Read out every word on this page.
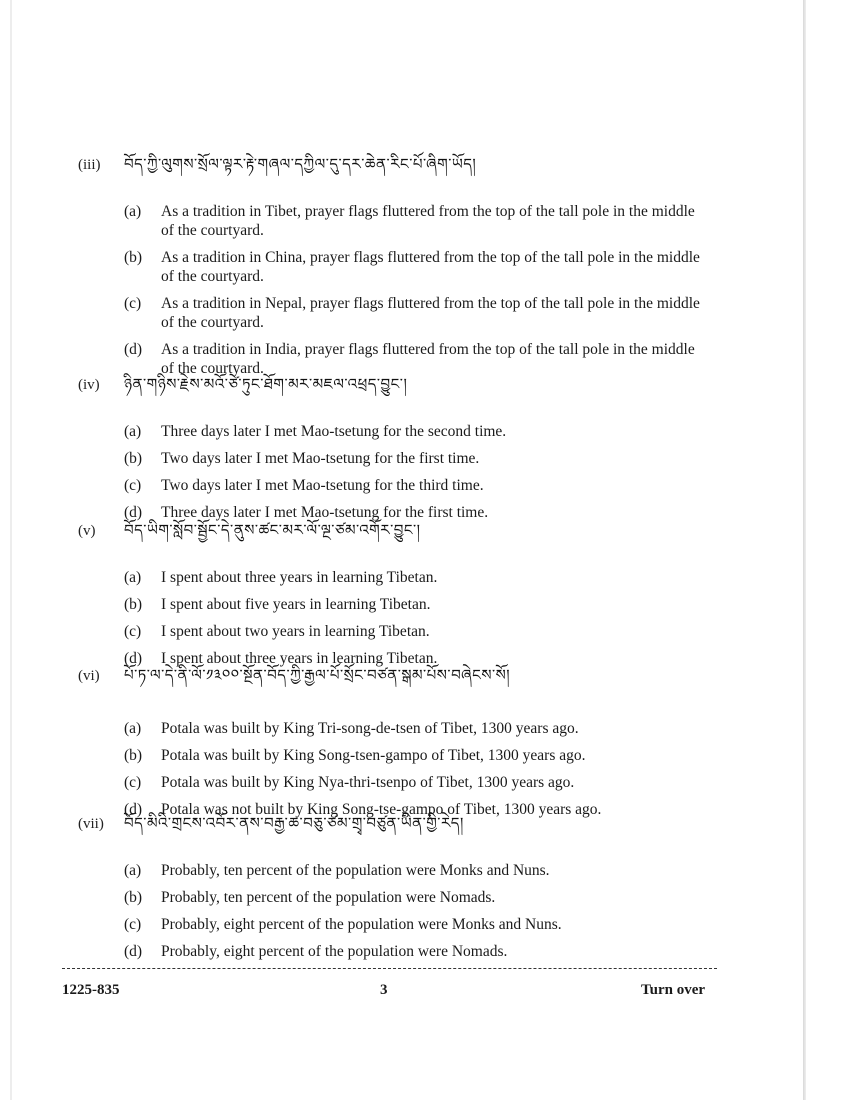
(iii)	བོད་ཀྱི་ལུགས་སྲོལ་ལྟར་རྟེ་གཞལ་དཀྱིལ་དུ་དར་ཆེན་རིང་པོ་ཞིག་ཡོད།
(a)	As a tradition in Tibet, prayer flags fluttered from the top of the tall pole in the middle of the courtyard.
(b)	As a tradition in China, prayer flags fluttered from the top of the tall pole in the middle of the courtyard.
(c)	As a tradition in Nepal, prayer flags fluttered from the top of the tall pole in the middle of the courtyard.
(d)	As a tradition in India, prayer flags fluttered from the top of the tall pole in the middle of the courtyard.
(iv)	ཉིན་གཉིས་རྗེས་མའོ་ཙེ་ཏུང་ཐོག་མར་མཇལ་འཕྲད་བྱུང་།
(a)	Three days later I met Mao-tsetung for the second time.
(b)	Two days later I met Mao-tsetung for the first time.
(c)	Two days later I met Mao-tsetung for the third time.
(d)	Three days later I met Mao-tsetung for the first time.
(v)	བོད་ཡིག་སློབ་སྦྱོང་དེ་ནུས་ཚང་མར་ལོ་ལྔ་ཙམ་འགོར་བྱུང་།
(a)	I spent about three years in learning Tibetan.
(b)	I spent about five years in learning Tibetan.
(c)	I spent about two years in learning Tibetan.
(d)	I spent about three years in learning Tibetan.
(vi)	པོ་ཏ་ལ་དེ་ནི་ལོ་༡༣༠༠་སྔོན་བོད་ཀྱི་རྒྱལ་པོ་སྲོང་བཙན་སྒམ་པོས་བཞེངས་སོ།
(a)	Potala was built by King Tri-song-de-tsen of Tibet, 1300 years ago.
(b)	Potala was built by King Song-tsen-gampo of Tibet, 1300 years ago.
(c)	Potala was built by King Nya-thri-tsenpo of Tibet, 1300 years ago.
(d)	Potala was not built by King Song-tse-gampo of Tibet, 1300 years ago.
(vii)	བོད་མིའི་གྲངས་འབོར་ནས་བརྒྱ་ཆ་བཅུ་ཙམ་གྲྭ་བཙུན་ཡིན་གྱི་རེད།
(a)	Probably, ten percent of the population were Monks and Nuns.
(b)	Probably, ten percent of the population were Nomads.
(c)	Probably, eight percent of the population were Monks and Nuns.
(d)	Probably, eight percent of the population were Nomads.
1225-835	3	Turn over
